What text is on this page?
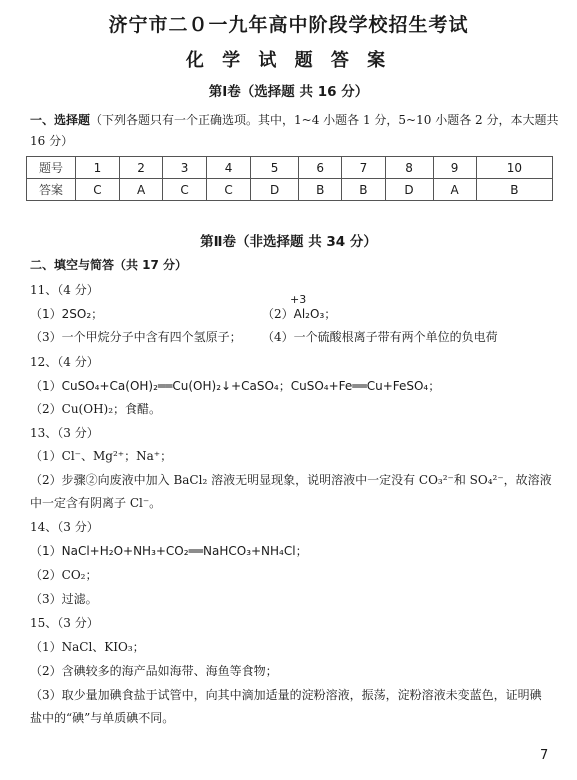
济宁市二０一九年高中阶段学校招生考试
化 学 试 题 答 案
第Ⅰ卷（选择题 共 16 分）
一、选择题（下列各题只有一个正确选项。其中，1~4 小题各 1 分，5~10 小题各 2 分，本大题共
16 分）
题号	1	2	3	4	5	6	7	8	9	10
答案	C	A	C	C	D	B	B	D	A	B
第Ⅱ卷（非选择题 共 34 分）
二、填空与简答（共 17 分）
11、（4 分）
（1）2SO₂；	（2）Al₂O₃；
+3
（3）一个甲烷分子中含有四个氢原子； （4）一个硫酸根离子带有两个单位的负电荷
12、（4 分）
（1）CuSO₄+Ca(OH)₂══Cu(OH)₂↓+CaSO₄；CuSO₄+Fe══Cu+FeSO₄；
（2）Cu(OH)₂；食醋。
13、（3 分）
（1）Cl⁻、Mg²⁺；Na⁺；
（2）步骤②向废液中加入 BaCl₂ 溶液无明显现象，说明溶液中一定没有 CO₃²⁻和 SO₄²⁻，故溶液
中一定含有阴离子 Cl⁻。
14、（3 分）
（1）NaCl+H₂O+NH₃+CO₂══NaHCO₃+NH₄Cl；
（2）CO₂；
（3）过滤。
15、（3 分）
（1）NaCl、KIO₃；
（2）含碘较多的海产品如海带、海鱼等食物；
（3）取少量加碘食盐于试管中，向其中滴加适量的淀粉溶液，振荡，淀粉溶液未变蓝色，证明碘
盐中的“碘”与单质碘不同。
7
